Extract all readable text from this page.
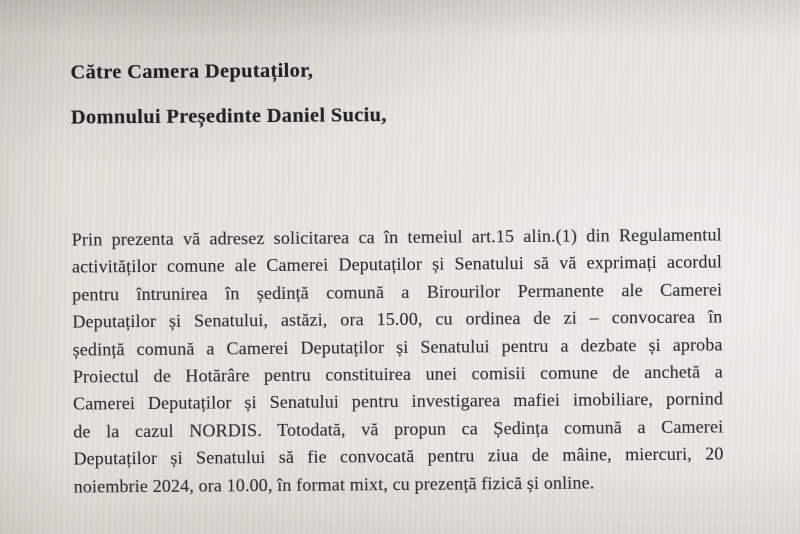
Către Camera Deputaților,

Domnului Președinte Daniel Suciu,

Prin prezenta vă adresez solicitarea ca în temeiul art.15 alin.(1) din Regulamentul

activităților comune ale Camerei Deputaților și Senatului să vă exprimați acordul

pentru întrunirea în ședință comună a Birourilor Permanente ale Camerei

Deputaților și Senatului, astăzi, ora 15.00, cu ordinea de zi – convocarea în

ședință comună a Camerei Deputaților și Senatului pentru a dezbate și aproba

Proiectul de Hotărâre pentru constituirea unei comisii comune de anchetă a

Camerei Deputaților și Senatului pentru investigarea mafiei imobiliare, pornind

de la cazul NORDIS. Totodată, vă propun ca Ședința comună a Camerei

Deputaților și Senatului să fie convocată pentru ziua de mâine, miercuri, 20

noiembrie 2024, ora 10.00, în format mixt, cu prezență fizică și online.
